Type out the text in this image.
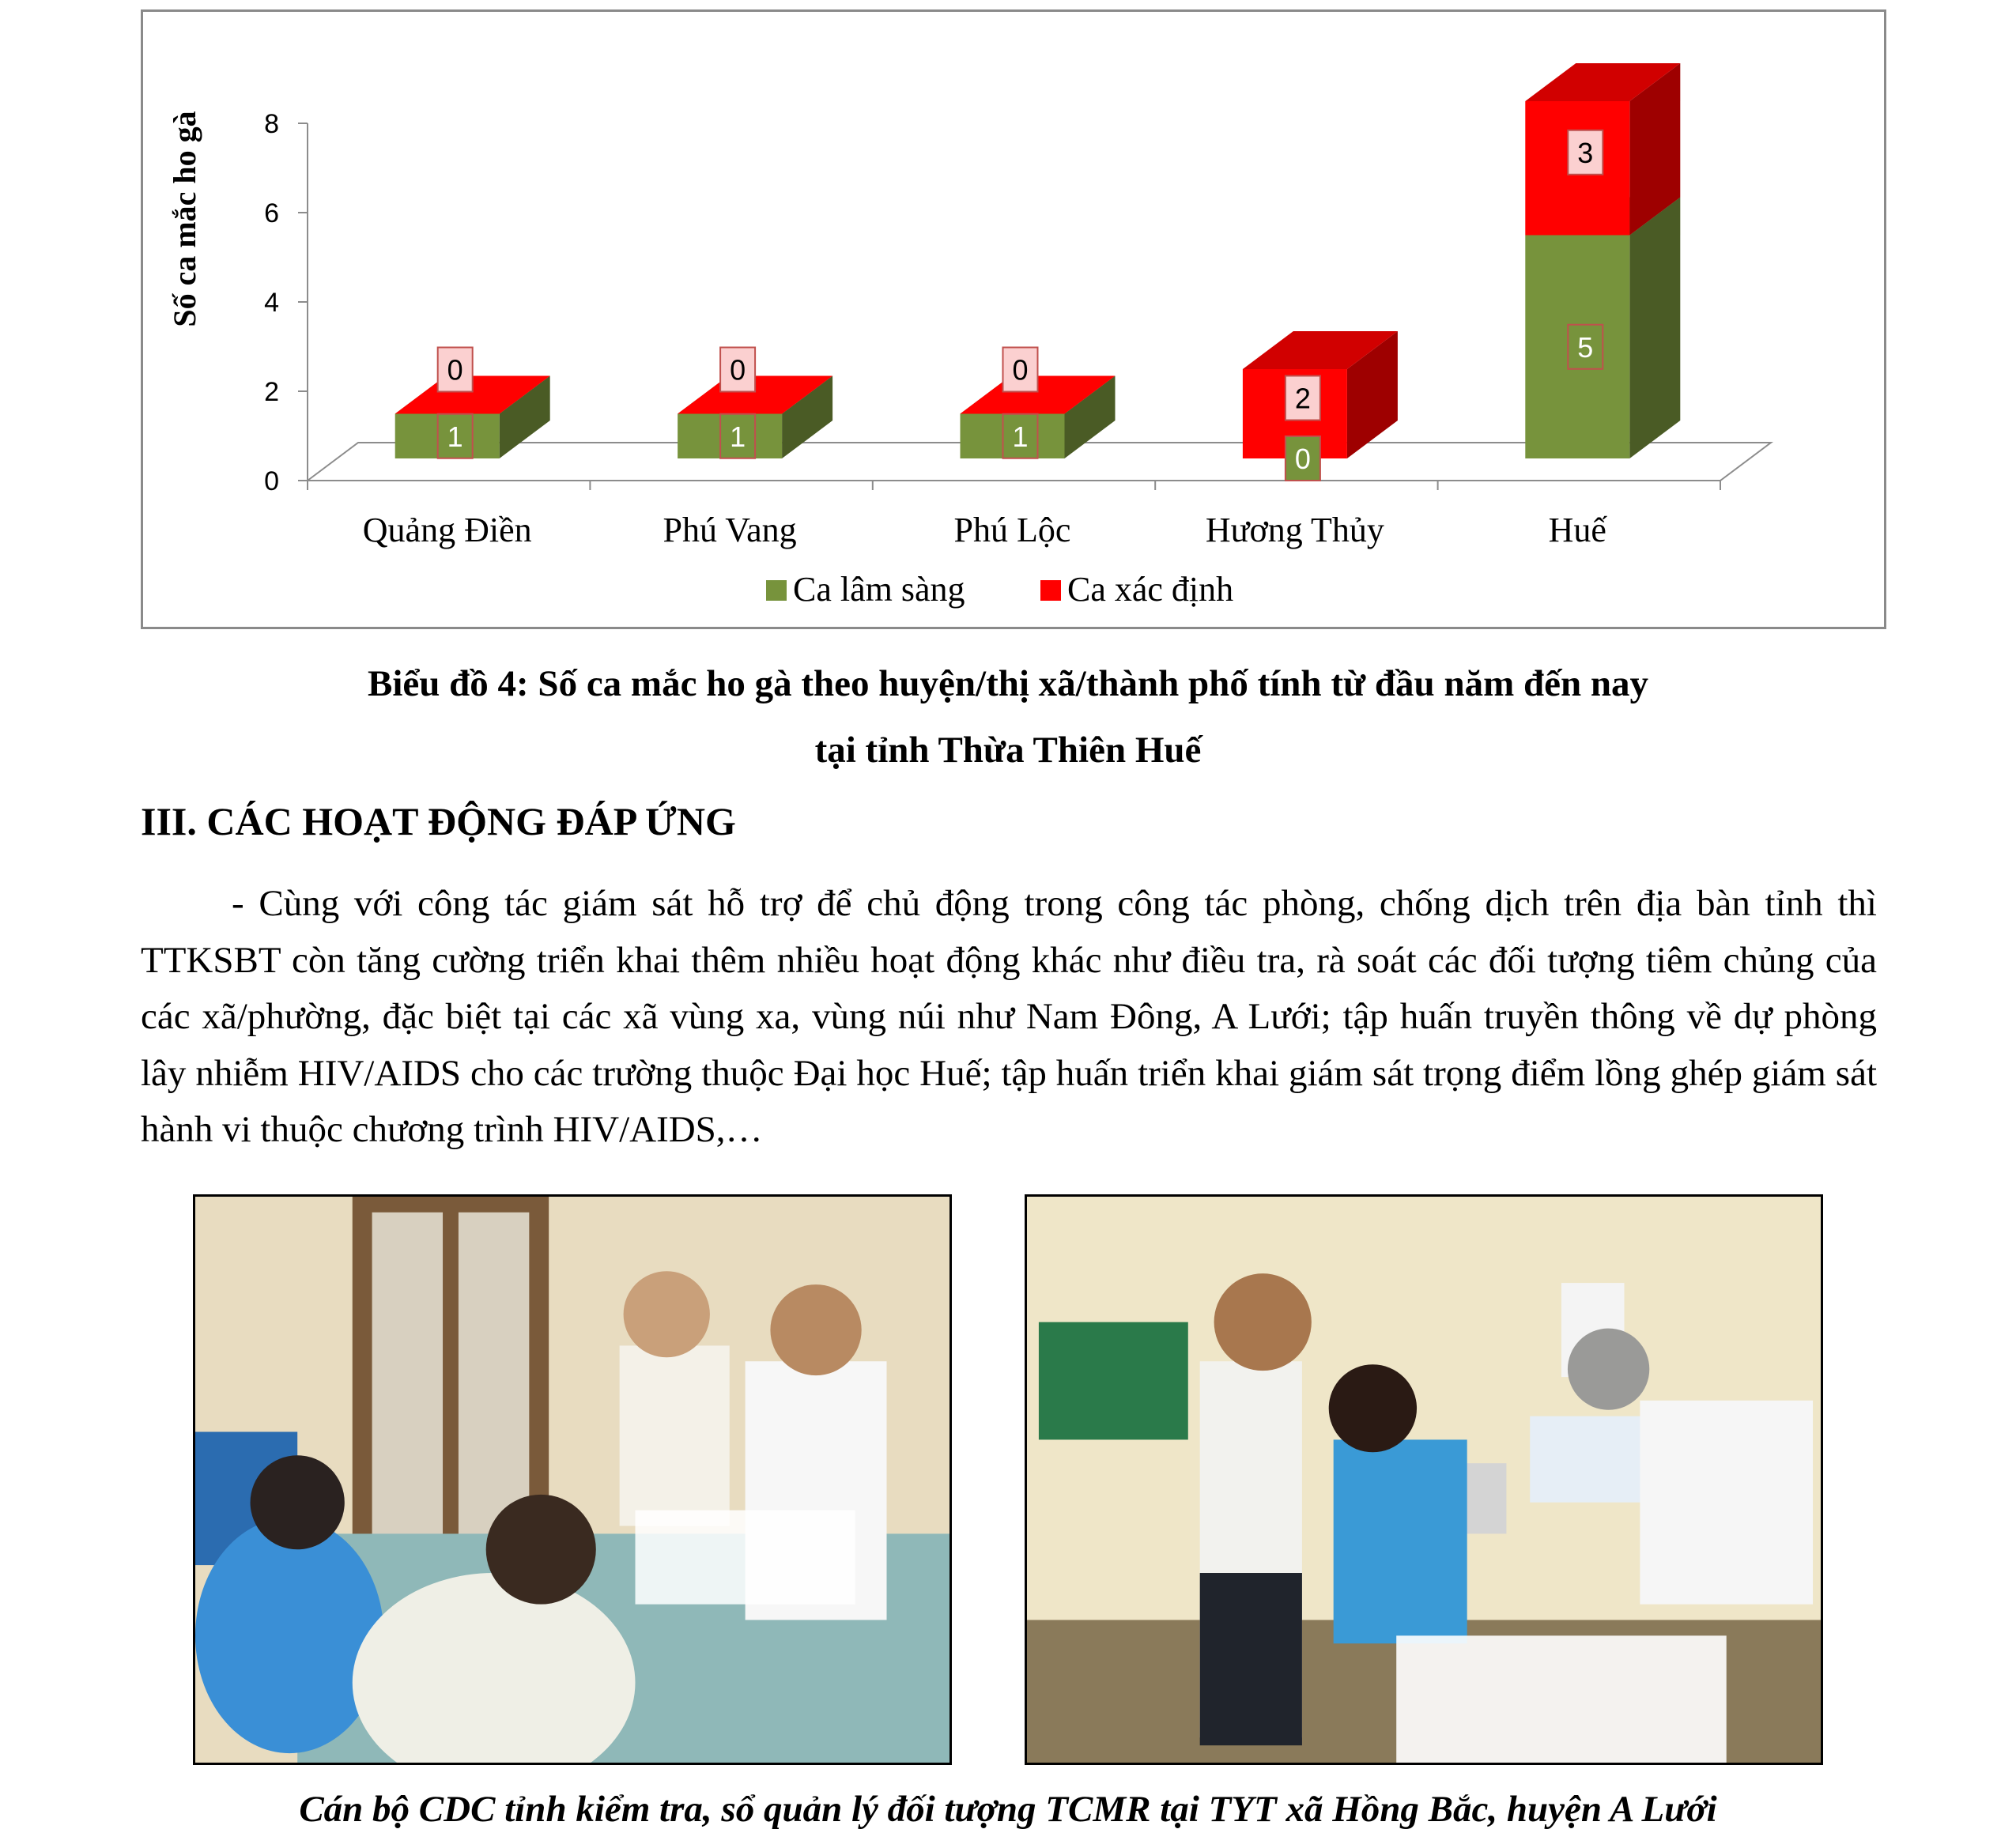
0
2
4
6
8
Số ca mắc ho gà
1
0
Quảng Điền
1
0
Phú Vang
1
0
Phú Lộc
0
2
Hương Thủy
5
3
Huế
Ca lâm sàng	Ca xác định
Biểu đồ 4: Số ca mắc ho gà theo huyện/thị xã/thành phố tính từ đầu năm đến nay
tại tỉnh Thừa Thiên Huế
III. CÁC HOẠT ĐỘNG ĐÁP ỨNG

- Cùng với công tác giám sát hỗ trợ để chủ động trong công tác phòng, chống dịch trên địa bàn tỉnh thì TTKSBT còn tăng cường triển khai thêm nhiều hoạt động khác như điều tra, rà soát các đối tượng tiêm chủng của các xã/phường, đặc biệt tại các xã vùng xa, vùng núi như Nam Đông, A Lưới; tập huấn truyền thông về dự phòng lây nhiễm HIV/AIDS cho các trường thuộc Đại học Huế; tập huấn triển khai giám sát trọng điểm lồng ghép giám sát hành vi thuộc chương trình HIV/AIDS,…

Cán bộ CDC tỉnh kiểm tra, sổ quản lý đối tượng TCMR tại TYT xã Hồng Bắc, huyện A Lưới
